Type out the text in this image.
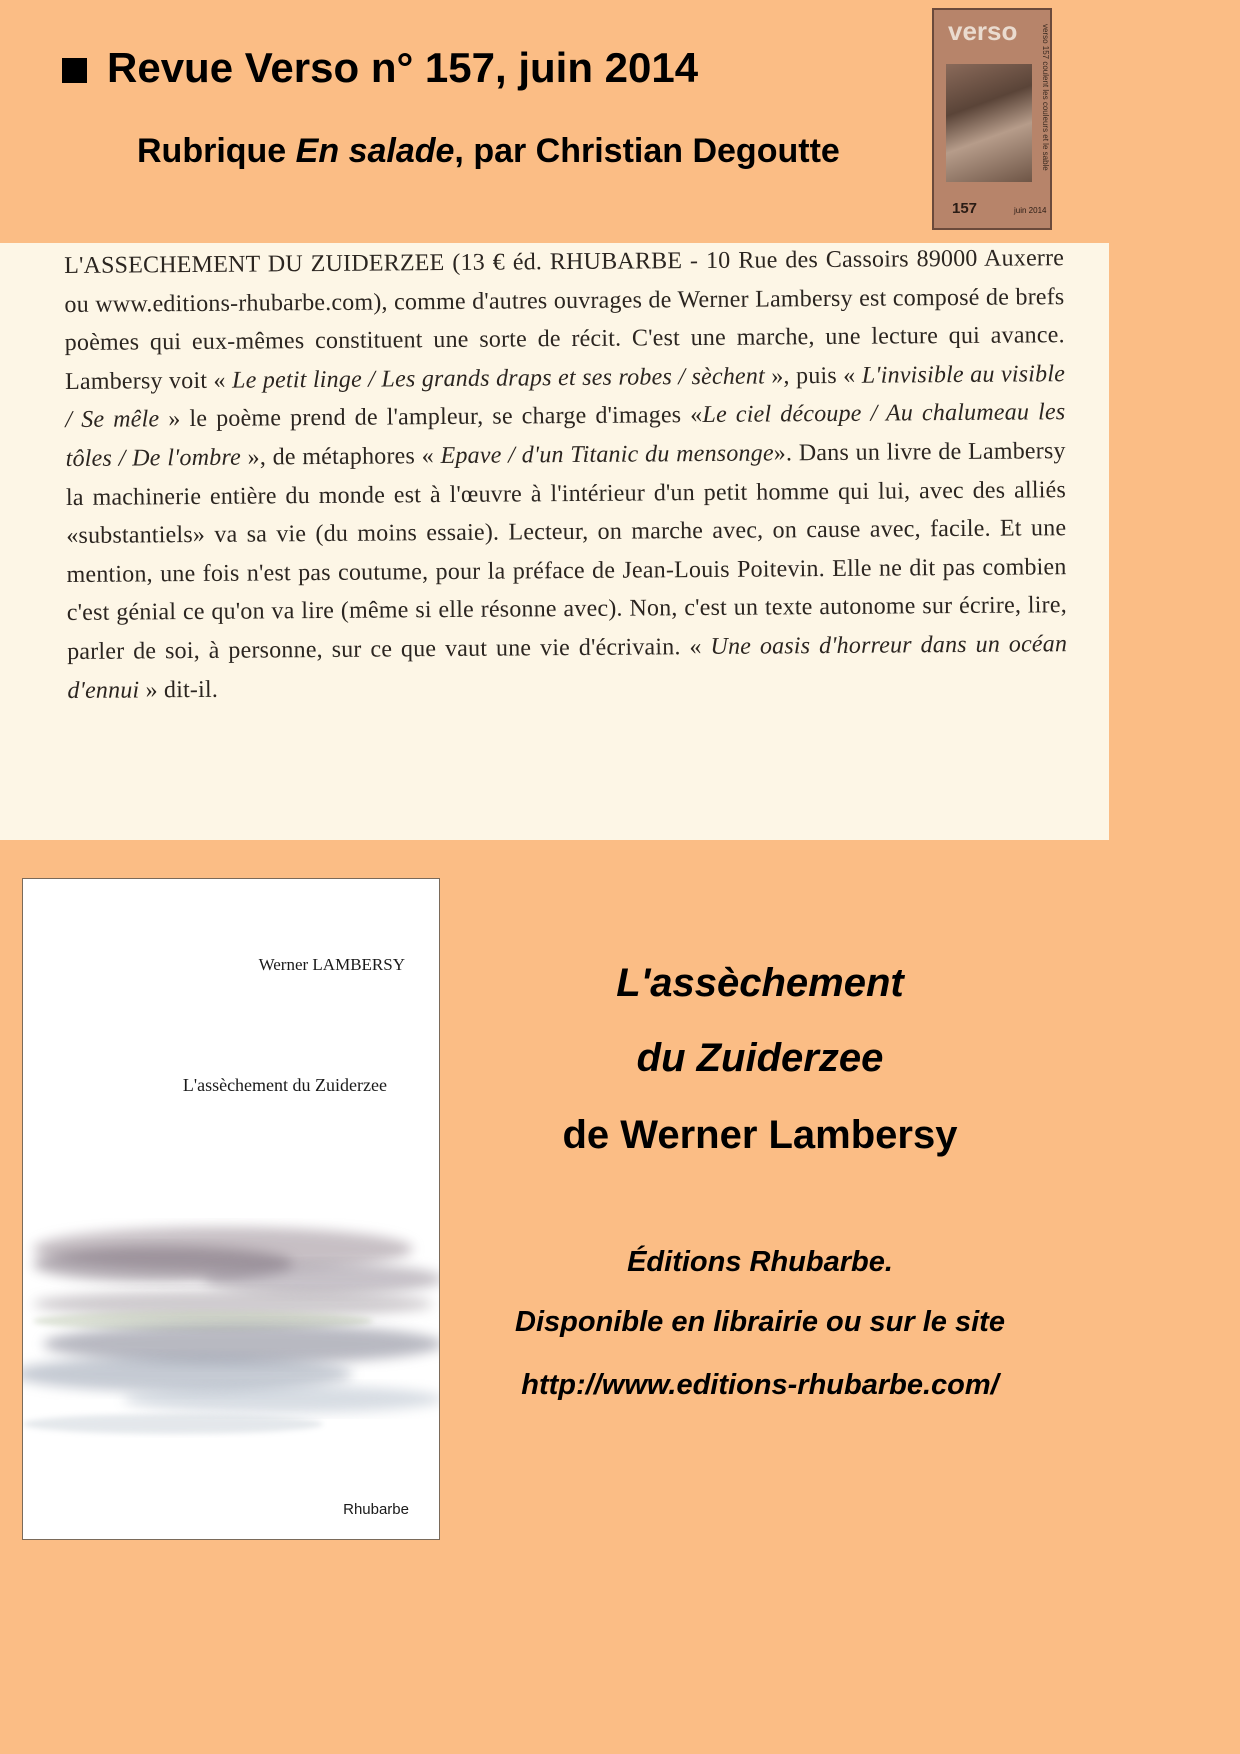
Revue Verso n° 157, juin 2014
Rubrique En salade, par Christian Degoutte
verso	verso 157 coulent les couleurs et le sable
157	juin 2014
L'ASSECHEMENT DU ZUIDERZEE (13 € éd. RHUBARBE - 10 Rue des Cassoirs 89000 Auxerre ou www.editions-rhubarbe.com), comme d'autres ouvrages de Werner Lambersy est composé de brefs poèmes qui eux-mêmes constituent une sorte de récit. C'est une marche, une lecture qui avance. Lambersy voit « Le petit linge / Les grands draps et ses robes / sèchent », puis « L'invisible au visible / Se mêle » le poème prend de l'ampleur, se charge d'images «Le ciel découpe / Au chalumeau les tôles / De l'ombre », de métaphores « Epave / d'un Titanic du mensonge». Dans un livre de Lambersy la machinerie entière du monde est à l'œuvre à l'intérieur d'un petit homme qui lui, avec des alliés «substantiels» va sa vie (du moins essaie). Lecteur, on marche avec, on cause avec, facile. Et une mention, une fois n'est pas coutume, pour la préface de Jean-Louis Poitevin. Elle ne dit pas combien c'est génial ce qu'on va lire (même si elle résonne avec). Non, c'est un texte autonome sur écrire, lire, parler de soi, à personne, sur ce que vaut une vie d'écrivain. « Une oasis d'horreur dans un océan d'ennui » dit-il.
Werner LAMBERSY
L'assèchement du Zuiderzee
Rhubarbe
L'assèchement
du Zuiderzee
de Werner Lambersy
Éditions Rhubarbe.
Disponible en librairie ou sur le site
http://www.editions-rhubarbe.com/
